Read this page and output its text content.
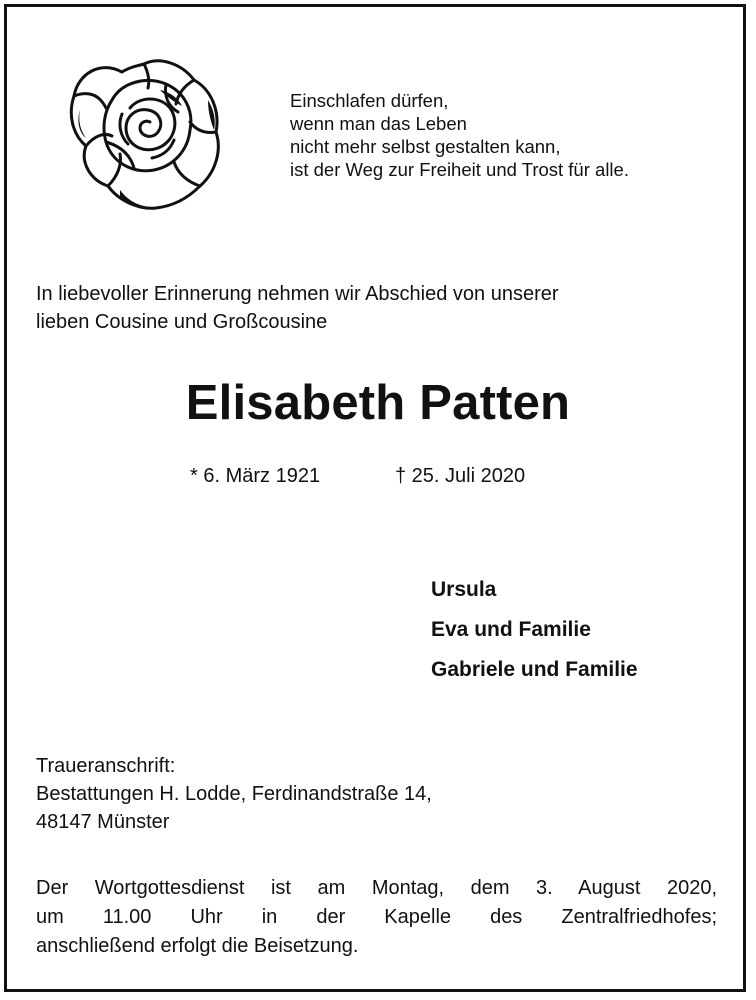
Einschlafen dürfen,
wenn man das Leben
nicht mehr selbst gestalten kann,
ist der Weg zur Freiheit und Trost für alle.
In liebevoller Erinnerung nehmen wir Abschied von unserer
lieben Cousine und Großcousine
Elisabeth Patten
* 6. März 1921	† 25. Juli 2020
Ursula
Eva und Familie
Gabriele und Familie
Traueranschrift:
Bestattungen H. Lodde, Ferdinandstraße 14,
48147 Münster
Der Wortgottesdienst ist am Montag, dem 3. August 2020,
um 11.00 Uhr in der Kapelle des Zentralfriedhofes;
anschließend erfolgt die Beisetzung.
